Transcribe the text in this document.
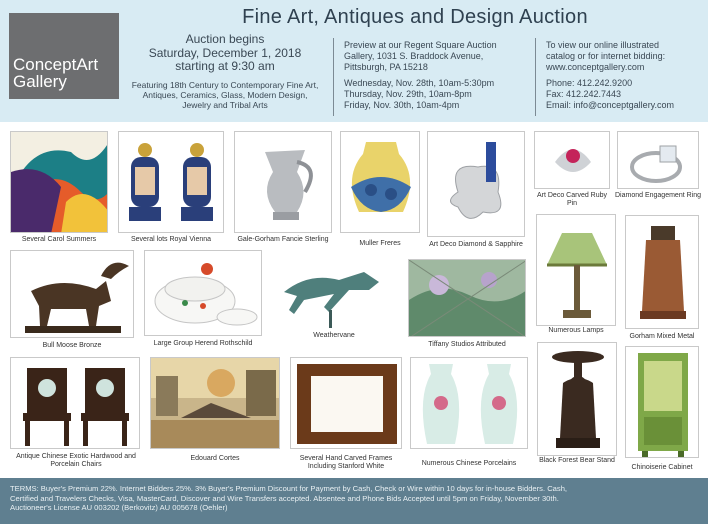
ConceptArt
Gallery
Fine Art, Antiques and Design Auction
Auction begins
Saturday, December 1, 2018
starting at 9:30 am
Featuring 18th Century to Contemporary Fine Art, Antiques, Ceramics, Glass, Modern Design, Jewelry and Tribal Arts
Preview at our Regent Square Auction
Gallery, 1031 S. Braddock Avenue,
Pittsburgh, PA 15218
Wednesday, Nov. 28th, 10am-5:30pm
Thursday, Nov. 29th, 10am-8pm
Friday, Nov. 30th, 10am-4pm
To view our online illustrated
catalog or for internet bidding:
www.conceptgallery.com
Phone: 412.242.9200
Fax: 412.242.7443
Email: info@conceptgallery.com
Several Carol Summers	Several lots Royal Vienna	Gale-Gorham Fancie Sterling
Muller Freres	Art Deco Diamond & Sapphire
Art Deco Carved Ruby Pin
Diamond Engagement Ring
Bull Moose Bronze	Large Group Herend Rothschild
Weathervane
Tiffany Studios Attributed
Numerous Lamps
Gorham Mixed Metal
Antique Chinese Exotic Hardwood and Porcelain Chairs
Edouard Cortes	Several Hand Carved Frames Including Stanford White	Numerous Chinese Porcelains	Black Forest Bear Stand
Chinoiserie Cabinet
TERMS: Buyer's Premium 22%. Internet Bidders 25%. 3% Buyer's Premium Discount for Payment by Cash, Check or Wire within 10 days for in-house Bidders. Cash,
Certified and Travelers Checks, Visa, MasterCard, Discover and Wire Transfers accepted. Absentee and Phone Bids Accepted until 5pm on Friday, November 30th.
Auctioneer's License AU 003202 (Berkovitz) AU 005678 (Oehler)
